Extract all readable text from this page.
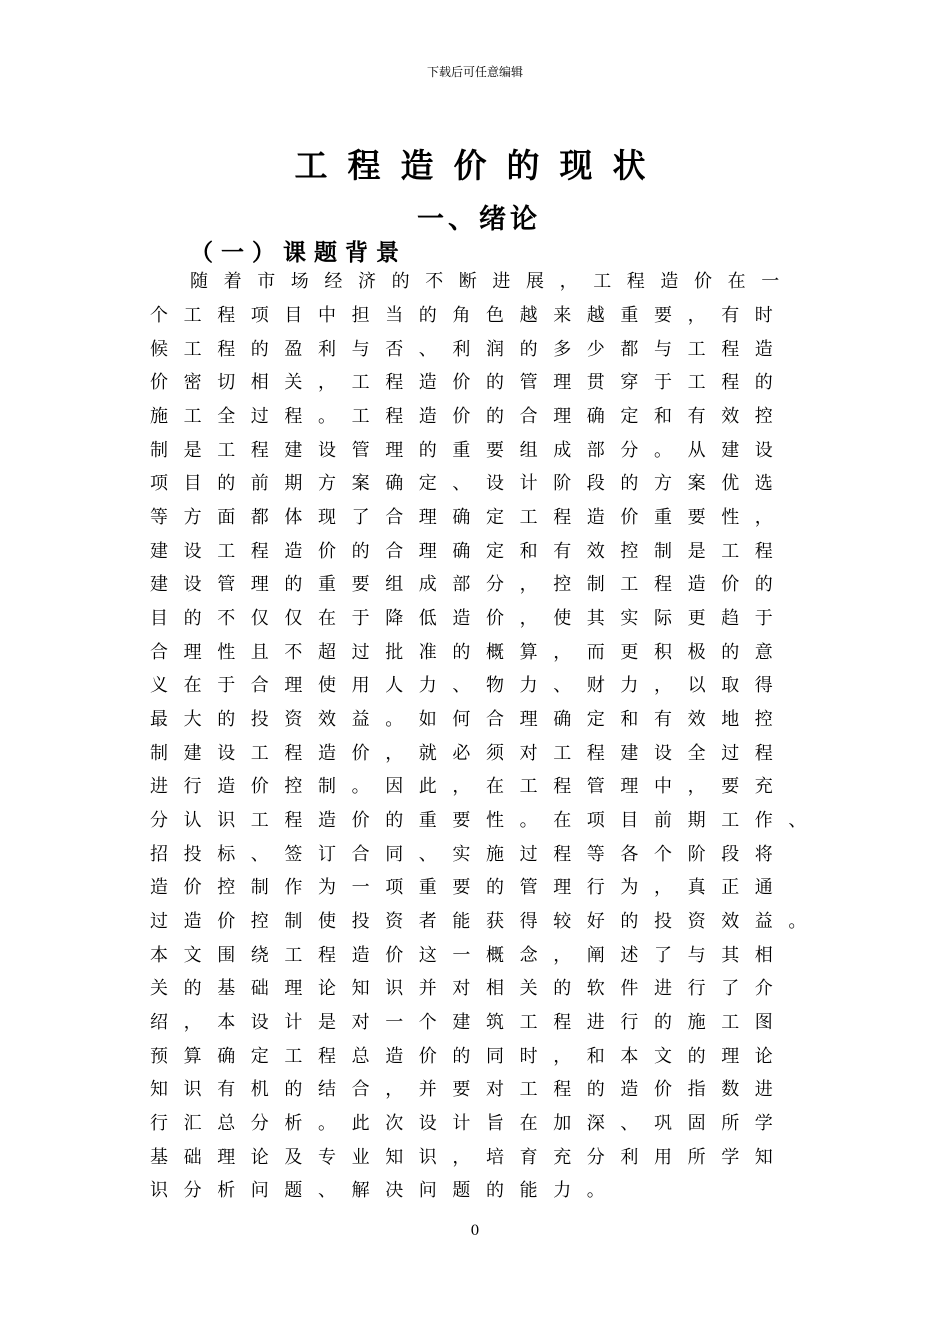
下载后可任意编辑
工程造价的现状
一、绪论
（一）课题背景
随着市场经济的不断进展，工程造价在一
个工程项目中担当的角色越来越重要，有时
候工程的盈利与否、利润的多少都与工程造
价密切相关，工程造价的管理贯穿于工程的
施工全过程。工程造价的合理确定和有效控
制是工程建设管理的重要组成部分。从建设
项目的前期方案确定、设计阶段的方案优选
等方面都体现了合理确定工程造价重要性，
建设工程造价的合理确定和有效控制是工程
建设管理的重要组成部分，控制工程造价的
目的不仅仅在于降低造价，使其实际更趋于
合理性且不超过批准的概算，而更积极的意
义在于合理使用人力、物力、财力，以取得
最大的投资效益。如何合理确定和有效地控
制建设工程造价，就必须对工程建设全过程
进行造价控制。因此，在工程管理中，要充
分认识工程造价的重要性。在项目前期工作、
招投标、签订合同、实施过程等各个阶段将
造价控制作为一项重要的管理行为，真正通
过造价控制使投资者能获得较好的投资效益。
本文围绕工程造价这一概念，阐述了与其相
关的基础理论知识并对相关的软件进行了介
绍，本设计是对一个建筑工程进行的施工图
预算确定工程总造价的同时，和本文的理论
知识有机的结合，并要对工程的造价指数进
行汇总分析。此次设计旨在加深、巩固所学
基础理论及专业知识，培育充分利用所学知
识分析问题、解决问题的能力。
0
